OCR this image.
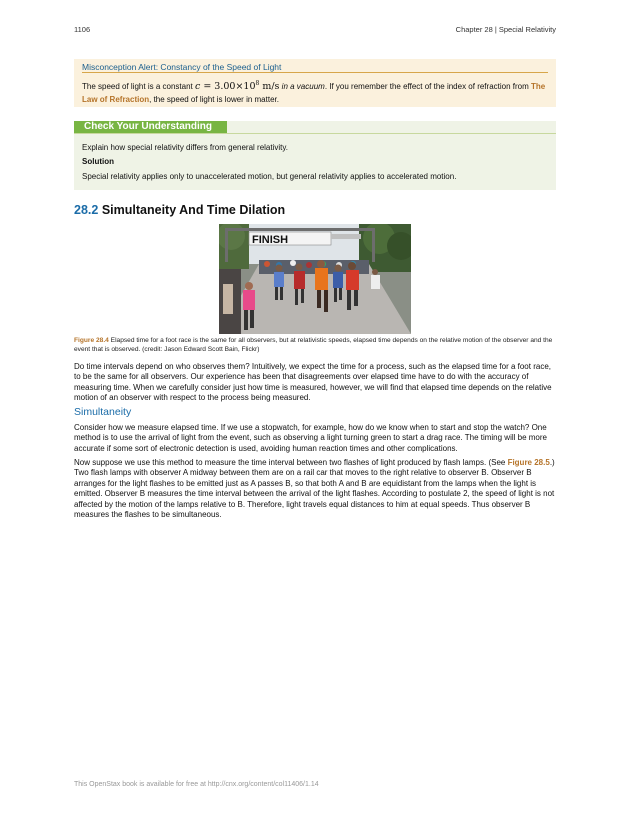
1106	Chapter 28 | Special Relativity
Misconception Alert: Constancy of the Speed of Light
The speed of light is a constant $c = 3.00\times 10^8$ m/s in a vacuum. If you remember the effect of the index of refraction from The Law of Refraction, the speed of light is lower in matter.
Check Your Understanding
Explain how special relativity differs from general relativity.
Solution
Special relativity applies only to unaccelerated motion, but general relativity applies to accelerated motion.
28.2 Simultaneity And Time Dilation
FINISH
Figure 28.4 Elapsed time for a foot race is the same for all observers, but at relativistic speeds, elapsed time depends on the relative motion of the observer and the event that is observed. (credit: Jason Edward Scott Bain, Flickr)
Do time intervals depend on who observes them? Intuitively, we expect the time for a process, such as the elapsed time for a foot race, to be the same for all observers. Our experience has been that disagreements over elapsed time have to do with the accuracy of measuring time. When we carefully consider just how time is measured, however, we will find that elapsed time depends on the relative motion of an observer with respect to the process being measured.
Simultaneity
Consider how we measure elapsed time. If we use a stopwatch, for example, how do we know when to start and stop the watch? One method is to use the arrival of light from the event, such as observing a light turning green to start a drag race. The timing will be more accurate if some sort of electronic detection is used, avoiding human reaction times and other complications.
Now suppose we use this method to measure the time interval between two flashes of light produced by flash lamps. (See Figure 28.5.) Two flash lamps with observer A midway between them are on a rail car that moves to the right relative to observer B. Observer B arranges for the light flashes to be emitted just as A passes B, so that both A and B are equidistant from the lamps when the light is emitted. Observer B measures the time interval between the arrival of the light flashes. According to postulate 2, the speed of light is not affected by the motion of the lamps relative to B. Therefore, light travels equal distances to him at equal speeds. Thus observer B measures the flashes to be simultaneous.
This OpenStax book is available for free at http://cnx.org/content/col11406/1.14
